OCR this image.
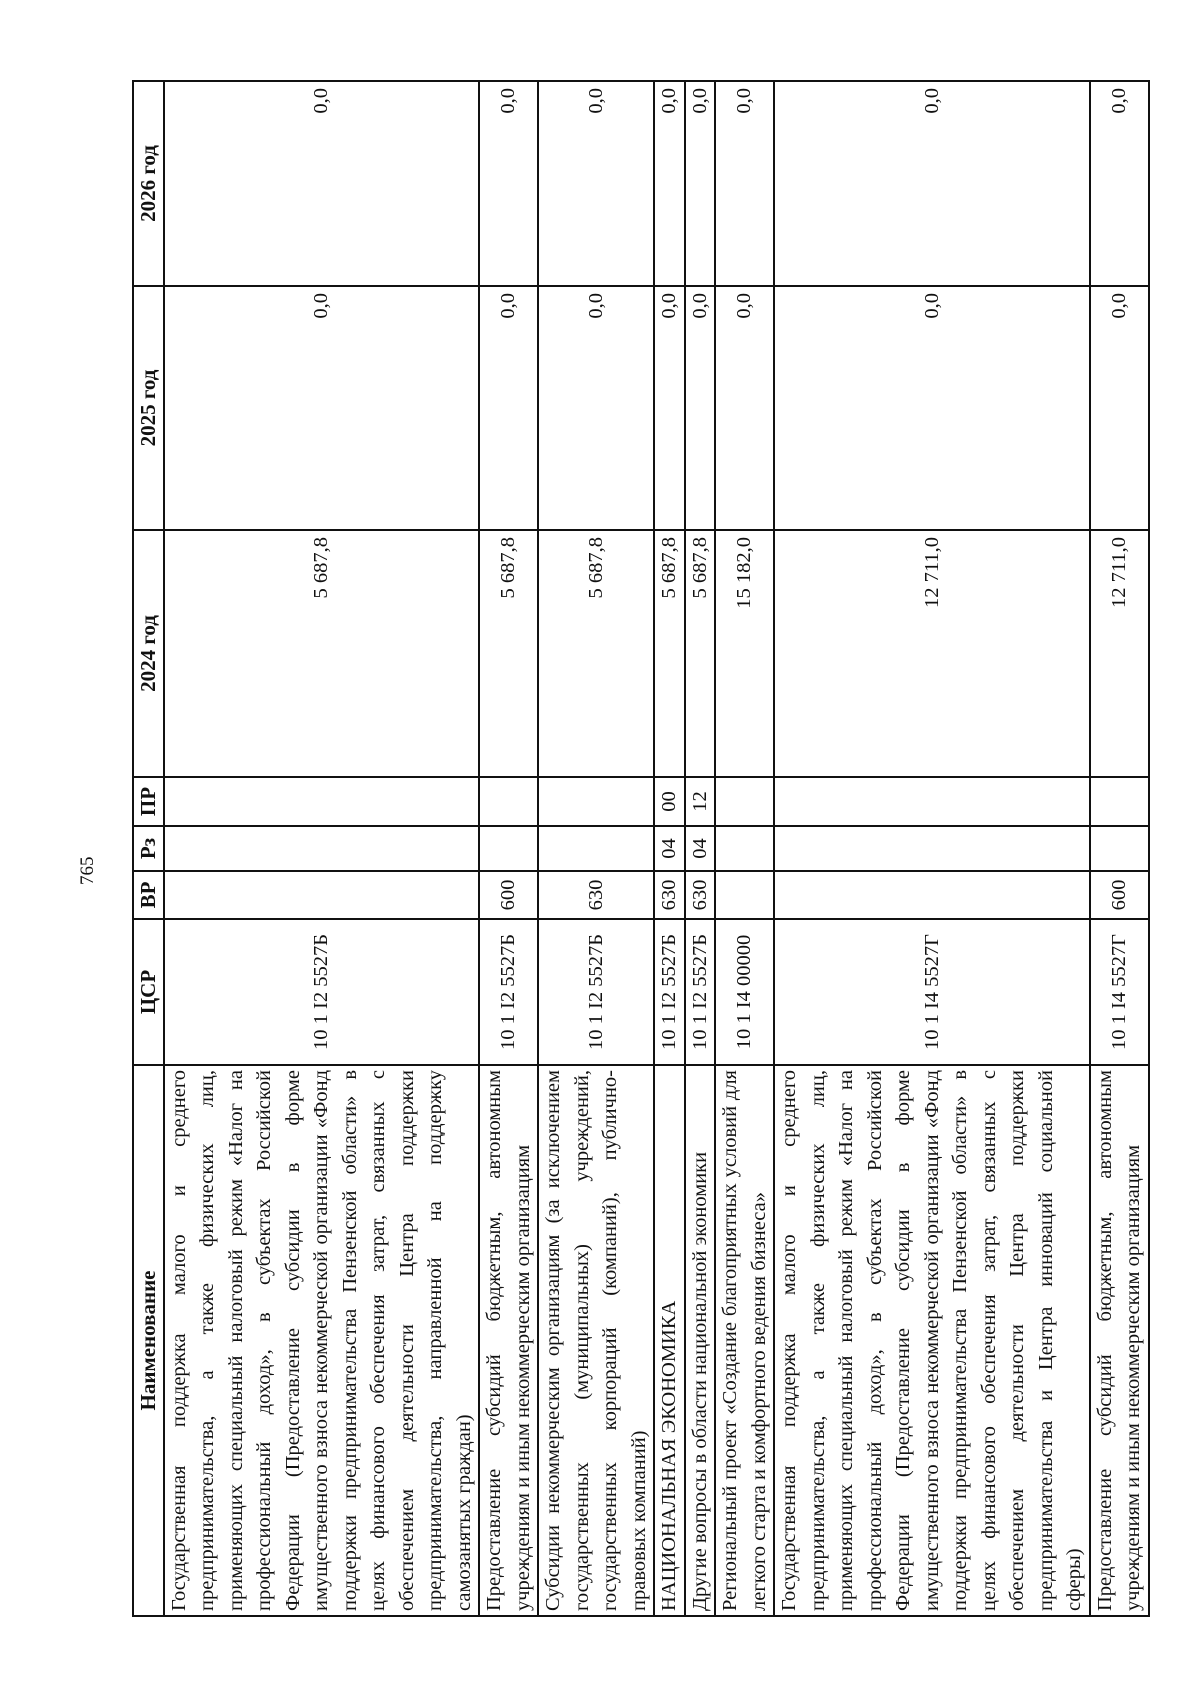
765
Наименование	ЦСР	ВР	Рз	ПР	2024 год	2025 год	2026 год
Государственная поддержка малого и среднего предпринимательства, а также физических лиц, применяющих специальный налоговый режим «Налог на профессиональный доход», в субъектах Российской Федерации (Предоставление субсидии в форме имущественного взноса некоммерческой организации «Фонд поддержки предпринимательства Пензенской области» в целях финансового обеспечения затрат, связанных с обеспечением деятельности Центра поддержки предпринимательства, направленной на поддержку самозанятых граждан)	10 1 I2 5527Б				5 687,8	0,0	0,0
Предоставление субсидий бюджетным, автономным учреждениям и иным некоммерческим организациям	10 1 I2 5527Б	600			5 687,8	0,0	0,0
Субсидии некоммерческим организациям (за исключением государственных (муниципальных) учреждений, государственных корпораций (компаний), публично-правовых компаний)	10 1 I2 5527Б	630			5 687,8	0,0	0,0
НАЦИОНАЛЬНАЯ ЭКОНОМИКА	10 1 I2 5527Б	630	04	00	5 687,8	0,0	0,0
Другие вопросы в области национальной экономики	10 1 I2 5527Б	630	04	12	5 687,8	0,0	0,0
Региональный проект «Создание благоприятных условий для легкого старта и комфортного ведения бизнеса»	10 1 I4 00000				15 182,0	0,0	0,0
Государственная поддержка малого и среднего предпринимательства, а также физических лиц, применяющих специальный налоговый режим «Налог на профессиональный доход», в субъектах Российской Федерации (Предоставление субсидии в форме имущественного взноса некоммерческой организации «Фонд поддержки предпринимательства Пензенской области» в целях финансового обеспечения затрат, связанных с обеспечением деятельности Центра поддержки предпринимательства и Центра инноваций социальной сферы)	10 1 I4 5527Г				12 711,0	0,0	0,0
Предоставление субсидий бюджетным, автономным учреждениям и иным некоммерческим организациям	10 1 I4 5527Г	600			12 711,0	0,0	0,0
